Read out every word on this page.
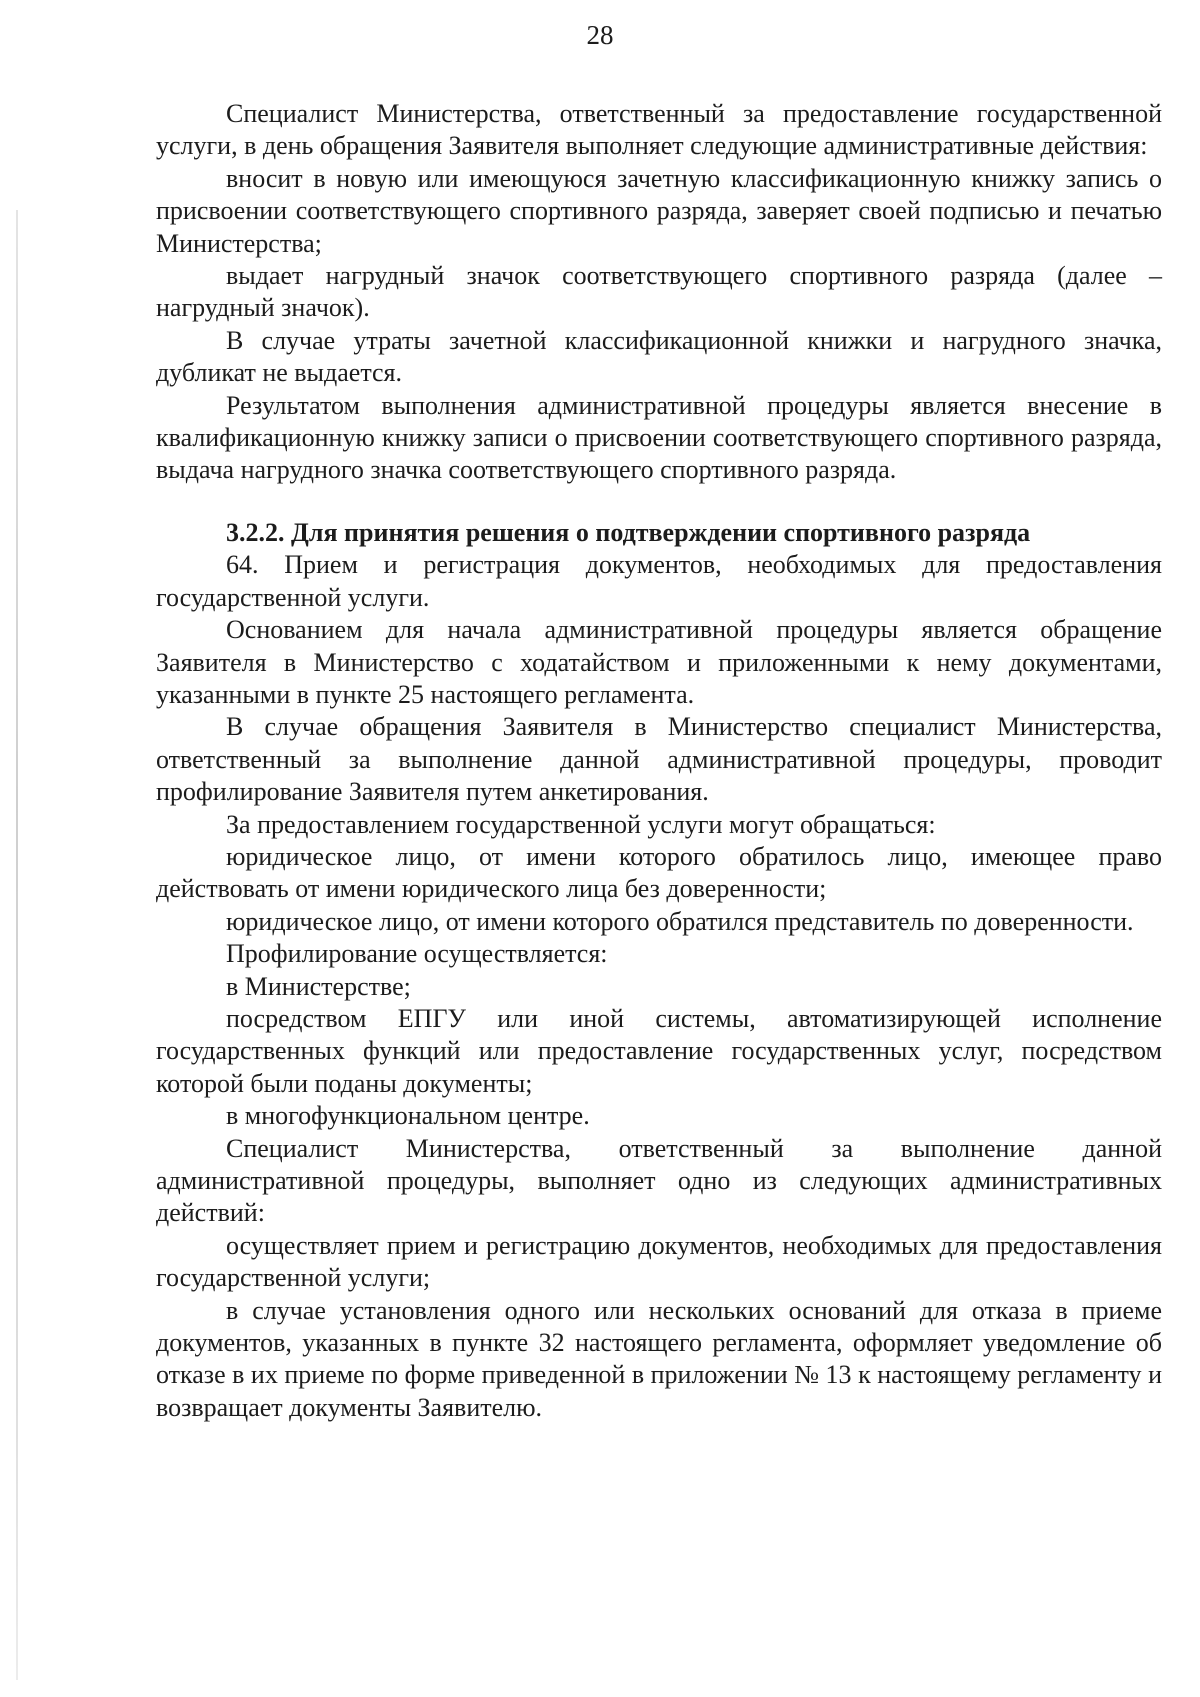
28

Специалист Министерства, ответственный за предоставление государственной услуги, в день обращения Заявителя выполняет следующие административные действия:

вносит в новую или имеющуюся зачетную классификационную книжку запись о присвоении соответствующего спортивного разряда, заверяет своей подписью и печатью Министерства;

выдает нагрудный значок соответствующего спортивного разряда (далее – нагрудный значок).

В случае утраты зачетной классификационной книжки и нагрудного значка, дубликат не выдается.

Результатом выполнения административной процедуры является внесение в квалификационную книжку записи о присвоении соответствующего спортивного разряда, выдача нагрудного значка соответствующего спортивного разряда.

3.2.2. Для принятия решения о подтверждении спортивного разряда

64. Прием и регистрация документов, необходимых для предоставления государственной услуги.

Основанием для начала административной процедуры является обращение Заявителя в Министерство с ходатайством и приложенными к нему документами, указанными в пункте 25 настоящего регламента.

В случае обращения Заявителя в Министерство специалист Министерства, ответственный за выполнение данной административной процедуры, проводит профилирование Заявителя путем анкетирования.

За предоставлением государственной услуги могут обращаться:

юридическое лицо, от имени которого обратилось лицо, имеющее право действовать от имени юридического лица без доверенности;

юридическое лицо, от имени которого обратился представитель по доверенности.

Профилирование осуществляется:

в Министерстве;

посредством ЕПГУ или иной системы, автоматизирующей исполнение государственных функций или предоставление государственных услуг, посредством которой были поданы документы;

в многофункциональном центре.

Специалист Министерства, ответственный за выполнение данной административной процедуры, выполняет одно из следующих административных действий:

осуществляет прием и регистрацию документов, необходимых для предоставления государственной услуги;

в случае установления одного или нескольких оснований для отказа в приеме документов, указанных в пункте 32 настоящего регламента, оформляет уведомление об отказе в их приеме по форме приведенной в приложении № 13 к настоящему регламенту и возвращает документы Заявителю.
